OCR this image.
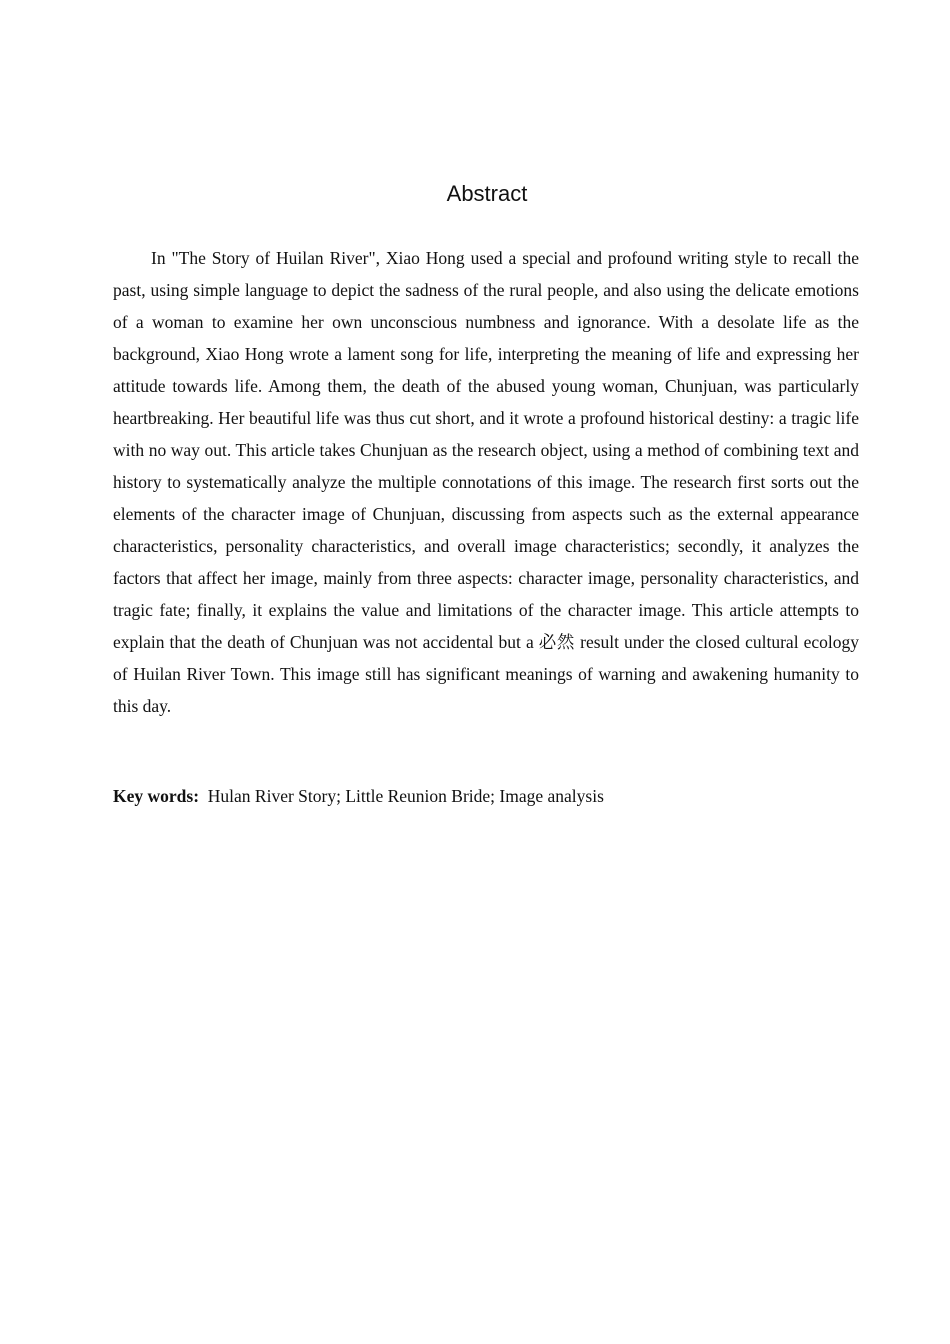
Abstract

In "The Story of Huilan River", Xiao Hong used a special and profound writing style to recall the past, using simple language to depict the sadness of the rural people, and also using the delicate emotions of a woman to examine her own unconscious numbness and ignorance. With a desolate life as the background, Xiao Hong wrote a lament song for life, interpreting the meaning of life and expressing her attitude towards life. Among them, the death of the abused young woman, Chunjuan, was particularly heartbreaking. Her beautiful life was thus cut short, and it wrote a profound historical destiny: a tragic life with no way out. This article takes Chunjuan as the research object, using a method of combining text and history to systematically analyze the multiple connotations of this image. The research first sorts out the elements of the character image of Chunjuan, discussing from aspects such as the external appearance characteristics, personality characteristics, and overall image characteristics; secondly, it analyzes the factors that affect her image, mainly from three aspects: character image, personality characteristics, and tragic fate; finally, it explains the value and limitations of the character image. This article attempts to explain that the death of Chunjuan was not accidental but a 必然 result under the closed cultural ecology of Huilan River Town. This image still has significant meanings of warning and awakening humanity to this day.

Key words: Hulan River Story; Little Reunion Bride; Image analysis
